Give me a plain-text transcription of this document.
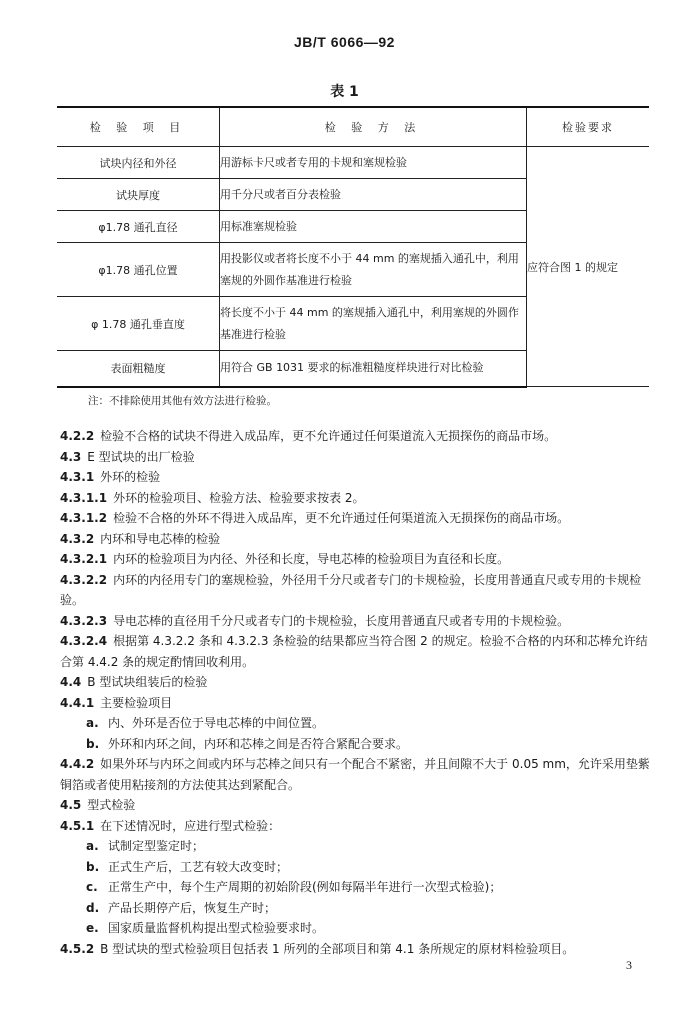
JB/T 6066—92
表 1
检 验 项 目	检 验 方 法	检验要求
试块内径和外径	用游标卡尺或者专用的卡规和塞规检验	应符合图 1 的规定
试块厚度	用千分尺或者百分表检验	
φ1.78 通孔直径	用标准塞规检验	
φ1.78 通孔位置	用投影仪或者将长度不小于 44 mm 的塞规插入通孔中，利用塞规的外圆作基准进行检验	
φ 1.78 通孔垂直度	将长度不小于 44 mm 的塞规插入通孔中，利用塞规的外圆作基准进行检验	
表面粗糙度	用符合 GB 1031 要求的标准粗糙度样块进行对比检验	
注：不排除使用其他有效方法进行检验。

4.2.2 检验不合格的试块不得进入成品库，更不允许通过任何渠道流入无损探伤的商品市场。

4.3 E 型试块的出厂检验

4.3.1 外环的检验

4.3.1.1 外环的检验项目、检验方法、检验要求按表 2。

4.3.1.2 检验不合格的外环不得进入成品库，更不允许通过任何渠道流入无损探伤的商品市场。

4.3.2 内环和导电芯棒的检验

4.3.2.1 内环的检验项目为内径、外径和长度，导电芯棒的检验项目为直径和长度。

4.3.2.2 内环的内径用专门的塞规检验，外径用千分尺或者专门的卡规检验，长度用普通直尺或专用的卡规检验。

4.3.2.3 导电芯棒的直径用千分尺或者专门的卡规检验，长度用普通直尺或者专用的卡规检验。

4.3.2.4 根据第 4.3.2.2 条和 4.3.2.3 条检验的结果都应当符合图 2 的规定。检验不合格的内环和芯棒允许结合第 4.4.2 条的规定酌情回收利用。

4.4 B 型试块组装后的检验

4.4.1 主要检验项目

a. 内、外环是否位于导电芯棒的中间位置。

b. 外环和内环之间，内环和芯棒之间是否符合紧配合要求。

4.4.2 如果外环与内环之间或内环与芯棒之间只有一个配合不紧密，并且间隙不大于 0.05 mm，允许采用垫紫铜箔或者使用粘接剂的方法使其达到紧配合。

4.5 型式检验

4.5.1 在下述情况时，应进行型式检验：

a. 试制定型鉴定时；

b. 正式生产后，工艺有较大改变时；

c. 正常生产中，每个生产周期的初始阶段(例如每隔半年进行一次型式检验)；

d. 产品长期停产后，恢复生产时；

e. 国家质量监督机构提出型式检验要求时。

4.5.2 B 型试块的型式检验项目包括表 1 所列的全部项目和第 4.1 条所规定的原材料检验项目。

3
